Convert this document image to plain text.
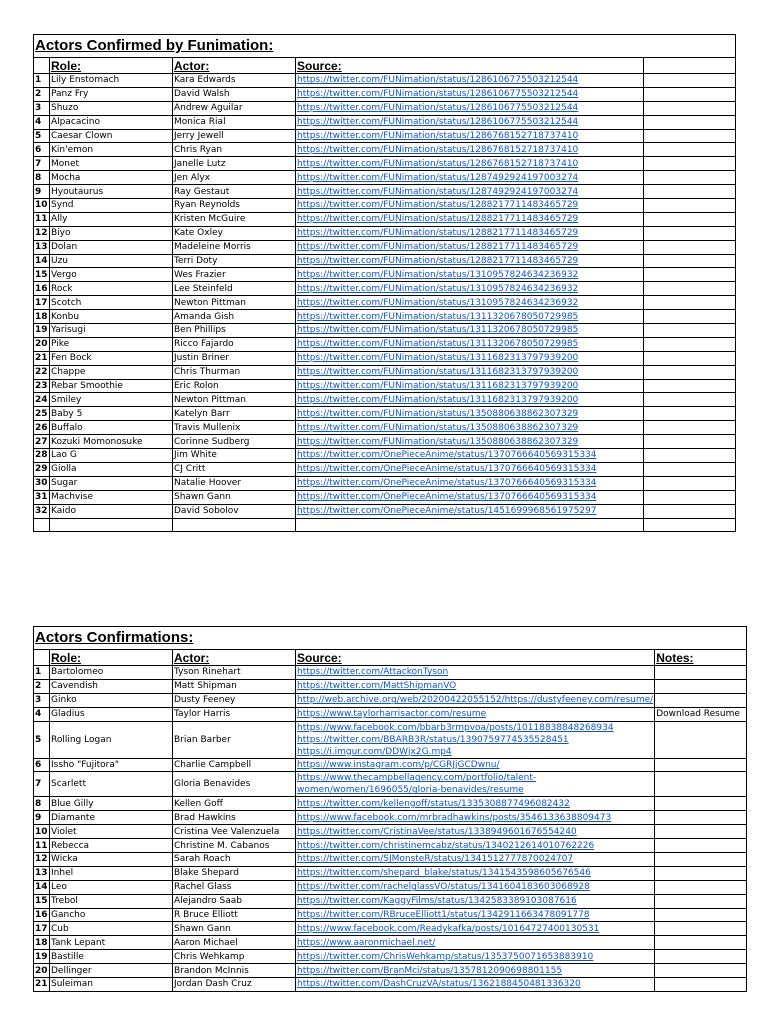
Actors Confirmed by Funimation:				
	Role:	Actor:	Source:	
1	Lily Enstomach	Kara Edwards	https://twitter.com/FUNimation/status/1286106775503212544	
2	Panz Fry	David Walsh	https://twitter.com/FUNimation/status/1286106775503212544	
3	Shuzo	Andrew Aguilar	https://twitter.com/FUNimation/status/1286106775503212544	
4	Alpacacino	Monica Rial	https://twitter.com/FUNimation/status/1286106775503212544	
5	Caesar Clown	Jerry Jewell	https://twitter.com/FUNimation/status/1286768152718737410	
6	Kin'emon	Chris Ryan	https://twitter.com/FUNimation/status/1286768152718737410	
7	Monet	Janelle Lutz	https://twitter.com/FUNimation/status/1286768152718737410	
8	Mocha	Jen Alyx	https://twitter.com/FUNimation/status/1287492924197003274	
9	Hyoutaurus	Ray Gestaut	https://twitter.com/FUNimation/status/1287492924197003274	
10	Synd	Ryan Reynolds	https://twitter.com/FUNimation/status/1288217711483465729	
11	Ally	Kristen McGuire	https://twitter.com/FUNimation/status/1288217711483465729	
12	Biyo	Kate Oxley	https://twitter.com/FUNimation/status/1288217711483465729	
13	Dolan	Madeleine Morris	https://twitter.com/FUNimation/status/1288217711483465729	
14	Uzu	Terri Doty	https://twitter.com/FUNimation/status/1288217711483465729	
15	Vergo	Wes Frazier	https://twitter.com/FUNimation/status/1310957824634236932	
16	Rock	Lee Steinfeld	https://twitter.com/FUNimation/status/1310957824634236932	
17	Scotch	Newton Pittman	https://twitter.com/FUNimation/status/1310957824634236932	
18	Konbu	Amanda Gish	https://twitter.com/FUNimation/status/1311320678050729985	
19	Yarisugi	Ben Phillips	https://twitter.com/FUNimation/status/1311320678050729985	
20	Pike	Ricco Fajardo	https://twitter.com/FUNimation/status/1311320678050729985	
21	Fen Bock	Justin Briner	https://twitter.com/FUNimation/status/1311682313797939200	
22	Chappe	Chris Thurman	https://twitter.com/FUNimation/status/1311682313797939200	
23	Rebar Smoothie	Eric Rolon	https://twitter.com/FUNimation/status/1311682313797939200	
24	Smiley	Newton Pittman	https://twitter.com/FUNimation/status/1311682313797939200	
25	Baby 5	Katelyn Barr	https://twitter.com/FUNimation/status/1350880638862307329	
26	Buffalo	Travis Mullenix	https://twitter.com/FUNimation/status/1350880638862307329	
27	Kozuki Momonosuke	Corinne Sudberg	https://twitter.com/FUNimation/status/1350880638862307329	
28	Lao G	Jim White	https://twitter.com/OnePieceAnime/status/1370766640569315334	
29	Giolla	CJ Critt	https://twitter.com/OnePieceAnime/status/1370766640569315334	
30	Sugar	Natalie Hoover	https://twitter.com/OnePieceAnime/status/1370766640569315334	
31	Machvise	Shawn Gann	https://twitter.com/OnePieceAnime/status/1370766640569315334	
32	Kaido	David Sobolov	https://twitter.com/OnePieceAnime/status/1451699968561975297	

Actors Confirmations:				
	Role:	Actor:	Source:	Notes:
1	Bartolomeo	Tyson Rinehart	https://twitter.com/AttackonTyson	
2	Cavendish	Matt Shipman	https://twitter.com/MattShipmanVO	
3	Ginko	Dusty Feeney	http://web.archive.org/web/20200422055152/https://dustyfeeney.com/resume/	
4	Gladius	Taylor Harris	https://www.taylorharrisactor.com/resume	Download Resume
5	Rolling Logan	Brian Barber	https://www.facebook.com/bbarb3rmpvoa/posts/10118838848268934
https://twitter.com/BBARB3R/status/1390759774535528451
https://i.imgur.com/DDWjx2G.mp4	

6	Issho "Fujitora"	Charlie Campbell	https://www.instagram.com/p/CGRJjGCDwnu/	
7	Scarlett	Gloria Benavides	https://www.thecampbellagency.com/portfolio/talent-
women/women/1696055/gloria-benavides/resume	

8	Blue Gilly	Kellen Goff	https://twitter.com/kellengoff/status/1335308877496082432	
9	Diamante	Brad Hawkins	https://www.facebook.com/mrbradhawkins/posts/3546133638809473	
10	Violet	Cristina Vee Valenzuela	https://twitter.com/CristinaVee/status/1338949601676554240	
11	Rebecca	Christine M. Cabanos	https://twitter.com/christinemcabz/status/1340212614010762226	
12	Wicka	Sarah Roach	https://twitter.com/SJMonsteR/status/1341512777870024707	
13	Inhel	Blake Shepard	https://twitter.com/shepard_blake/status/1341543598605676546	
14	Leo	Rachel Glass	https://twitter.com/rachelglassVO/status/1341604183603068928	
15	Trebol	Alejandro Saab	https://twitter.com/KaggyFilms/status/1342583389103087616	
16	Gancho	R Bruce Elliott	https://twitter.com/RBruceElliott1/status/1342911663478091778	
17	Cub	Shawn Gann	https://www.facebook.com/Readykafka/posts/10164727400130531	
18	Tank Lepant	Aaron Michael	https://www.aaronmichael.net/	
19	Bastille	Chris Wehkamp	https://twitter.com/ChrisWehkamp/status/1353750071653883910	
20	Dellinger	Brandon McInnis	https://twitter.com/BranMci/status/1357812090698801155	
21	Suleiman	Jordan Dash Cruz	https://twitter.com/DashCruzVA/status/1362188450481336320	
